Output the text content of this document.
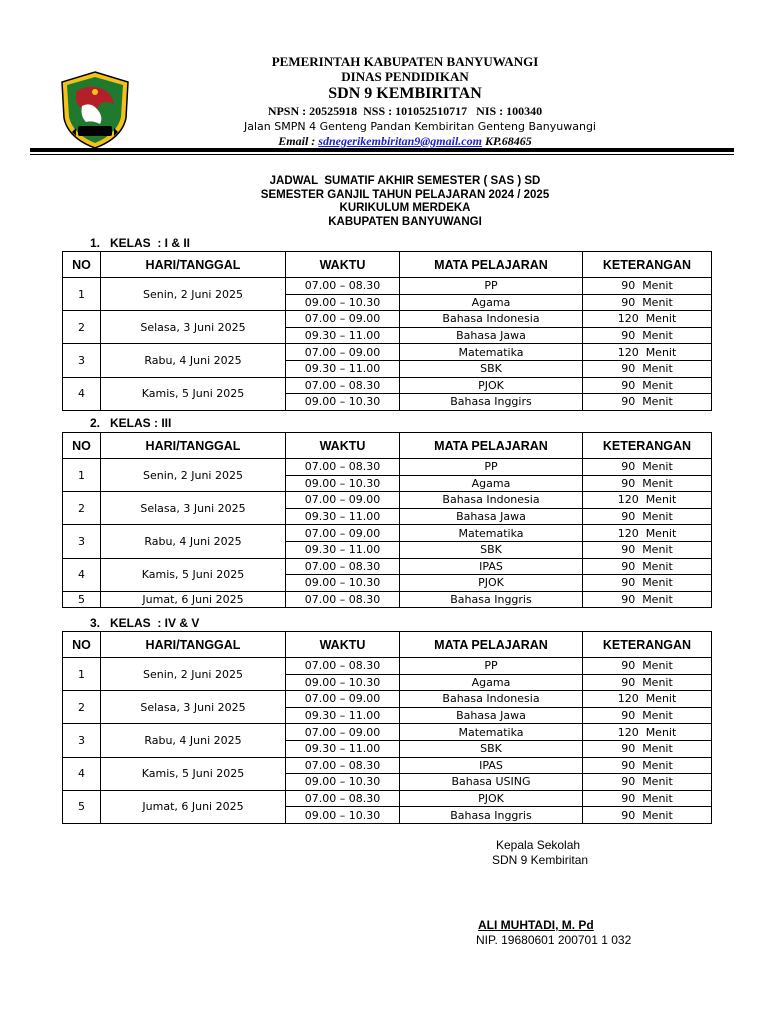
PEMERINTAH KABUPATEN BANYUWANGI
DINAS PENDIDIKAN
SDN 9 KEMBIRITAN
NPSN : 20525918  NSS : 101052510717   NIS : 100340
Jalan SMPN 4 Genteng Pandan Kembiritan Genteng Banyuwangi
Email : sdnegerikembiritan9@gmail.com KP.68465
JADWAL  SUMATIF AKHIR SEMESTER ( SAS ) SD
SEMESTER GANJIL TAHUN PELAJARAN 2024 / 2025
KURIKULUM MERDEKA
KABUPATEN BANYUWANGI
1.   KELAS  : I & II
NO	HARI/TANGGAL	WAKTU	MATA PELAJARAN	KETERANGAN
1	Senin, 2 Juni 2025	07.00 – 08.30	PP	90  Menit
		09.00 – 10.30	Agama	90  Menit
2	Selasa, 3 Juni 2025	07.00 – 09.00	Bahasa Indonesia	120  Menit
		09.30 – 11.00	Bahasa Jawa	90  Menit
3	Rabu, 4 Juni 2025	07.00 – 09.00	Matematika	120  Menit
		09.30 – 11.00	SBK	90  Menit
4	Kamis, 5 Juni 2025	07.00 – 08.30	PJOK	90  Menit
		09.00 – 10.30	Bahasa Inggirs	90  Menit
2.   KELAS : III
NO	HARI/TANGGAL	WAKTU	MATA PELAJARAN	KETERANGAN
1	Senin, 2 Juni 2025	07.00 – 08.30	PP	90  Menit
		09.00 – 10.30	Agama	90  Menit
2	Selasa, 3 Juni 2025	07.00 – 09.00	Bahasa Indonesia	120  Menit
		09.30 – 11.00	Bahasa Jawa	90  Menit
3	Rabu, 4 Juni 2025	07.00 – 09.00	Matematika	120  Menit
		09.30 – 11.00	SBK	90  Menit
4	Kamis, 5 Juni 2025	07.00 – 08.30	IPAS	90  Menit
		09.00 – 10.30	PJOK	90  Menit
5	Jumat, 6 Juni 2025	07.00 – 08.30	Bahasa Inggris	90  Menit
3.   KELAS  : IV & V
NO	HARI/TANGGAL	WAKTU	MATA PELAJARAN	KETERANGAN
1	Senin, 2 Juni 2025	07.00 – 08.30	PP	90  Menit
		09.00 – 10.30	Agama	90  Menit
2	Selasa, 3 Juni 2025	07.00 – 09.00	Bahasa Indonesia	120  Menit
		09.30 – 11.00	Bahasa Jawa	90  Menit
3	Rabu, 4 Juni 2025	07.00 – 09.00	Matematika	120  Menit
		09.30 – 11.00	SBK	90  Menit
4	Kamis, 5 Juni 2025	07.00 – 08.30	IPAS	90  Menit
		09.00 – 10.30	Bahasa USING	90  Menit
5	Jumat, 6 Juni 2025	07.00 – 08.30	PJOK	90  Menit
		09.00 – 10.30	Bahasa Inggris	90  Menit
Kepala Sekolah
SDN 9 Kembiritan
ALI MUHTADI, M. Pd
NIP. 19680601 200701 1 032
